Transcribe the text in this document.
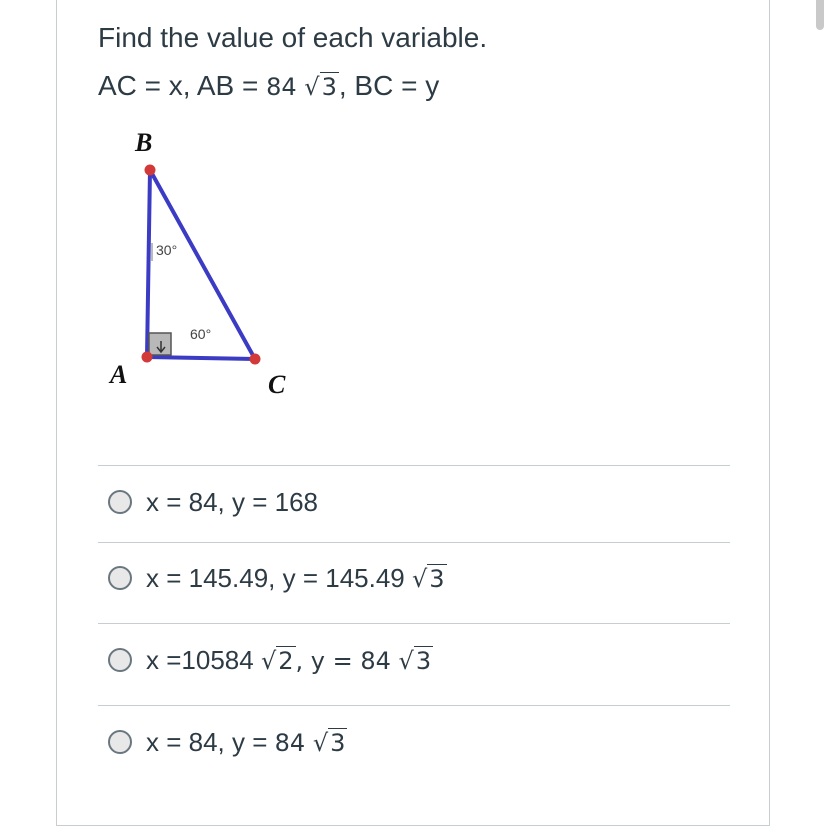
Find the value of each variable.
AC = x, AB = 84 √3, BC = y
B
A	C
30°
60°
x = 84, y = 168
x = 145.49, y = 145.49 √3
x =10584 √2, y = 84 √3
x = 84, y = 84 √3
